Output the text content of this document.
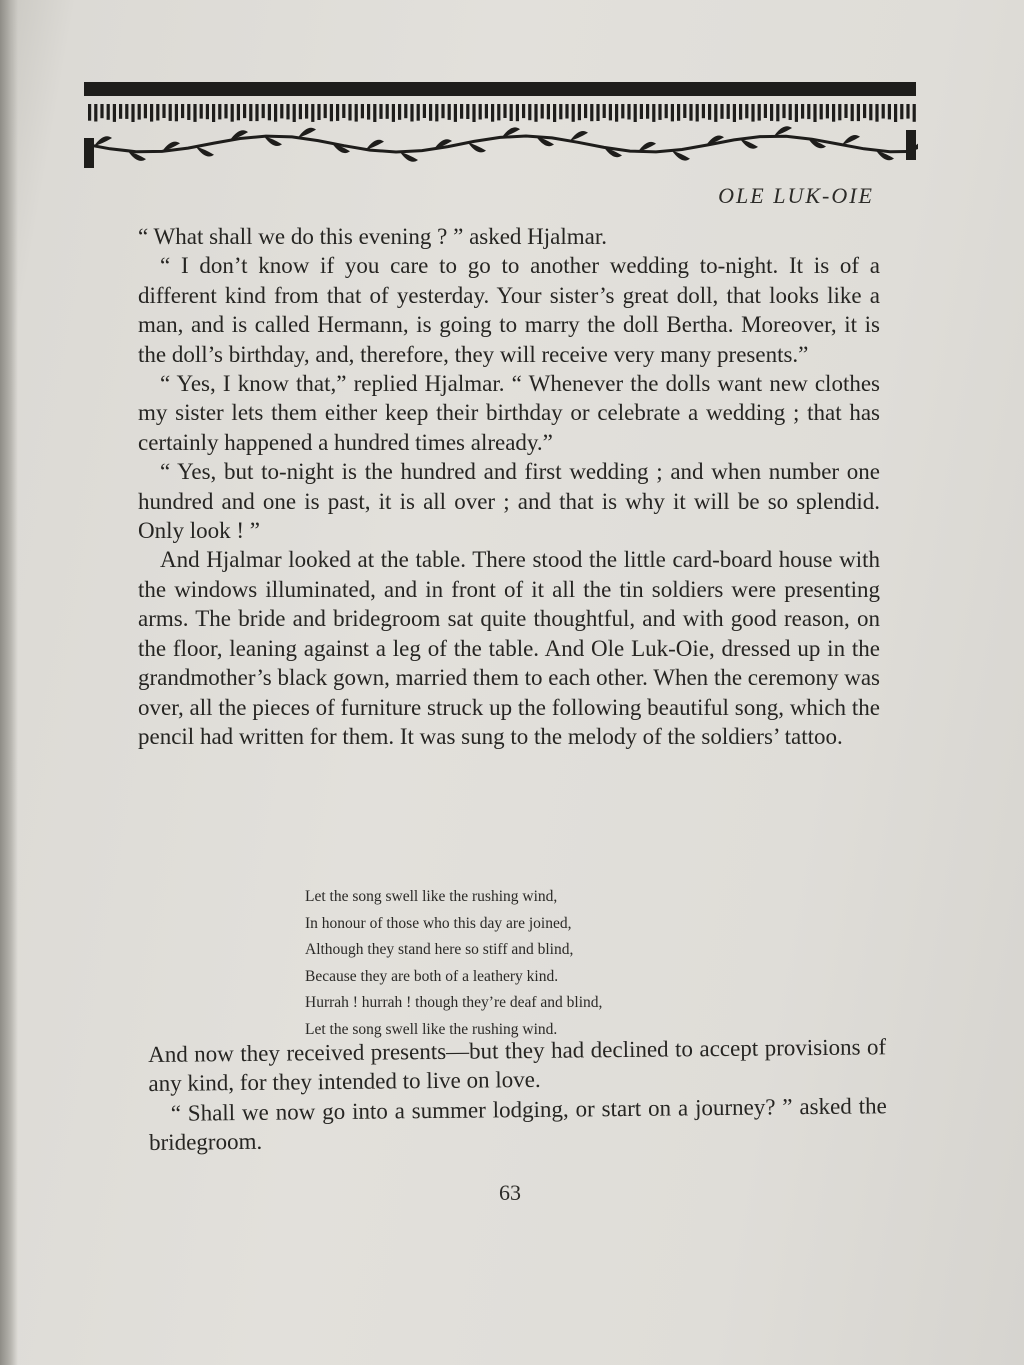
OLE LUK-OIE

“ What shall we do this evening ? ” asked Hjalmar.

“ I don’t know if you care to go to another wedding to-night. It is of a different kind from that of yesterday. Your sister’s great doll, that looks like a man, and is called Hermann, is going to marry the doll Bertha. Moreover, it is the doll’s birthday, and, therefore, they will receive very many presents.”

“ Yes, I know that,” replied Hjalmar. “ Whenever the dolls want new clothes my sister lets them either keep their birthday or celebrate a wedding ; that has certainly happened a hundred times already.”

“ Yes, but to-night is the hundred and first wedding ; and when number one hundred and one is past, it is all over ; and that is why it will be so splendid. Only look ! ”

And Hjalmar looked at the table. There stood the little card-board house with the windows illuminated, and in front of it all the tin soldiers were presenting arms. The bride and bridegroom sat quite thoughtful, and with good reason, on the floor, leaning against a leg of the table. And Ole Luk-Oie, dressed up in the grandmother’s black gown, married them to each other. When the ceremony was over, all the pieces of furniture struck up the following beautiful song, which the pencil had written for them. It was sung to the melody of the soldiers’ tattoo.

Let the song swell like the rushing wind,
In honour of those who this day are joined,
Although they stand here so stiff and blind,
Because they are both of a leathery kind.
Hurrah ! hurrah ! though they’re deaf and blind,
Let the song swell like the rushing wind.

And now they received presents—but they had declined to accept provisions of any kind, for they intended to live on love.

“ Shall we now go into a summer lodging, or start on a journey? ” asked the bridegroom.

63
